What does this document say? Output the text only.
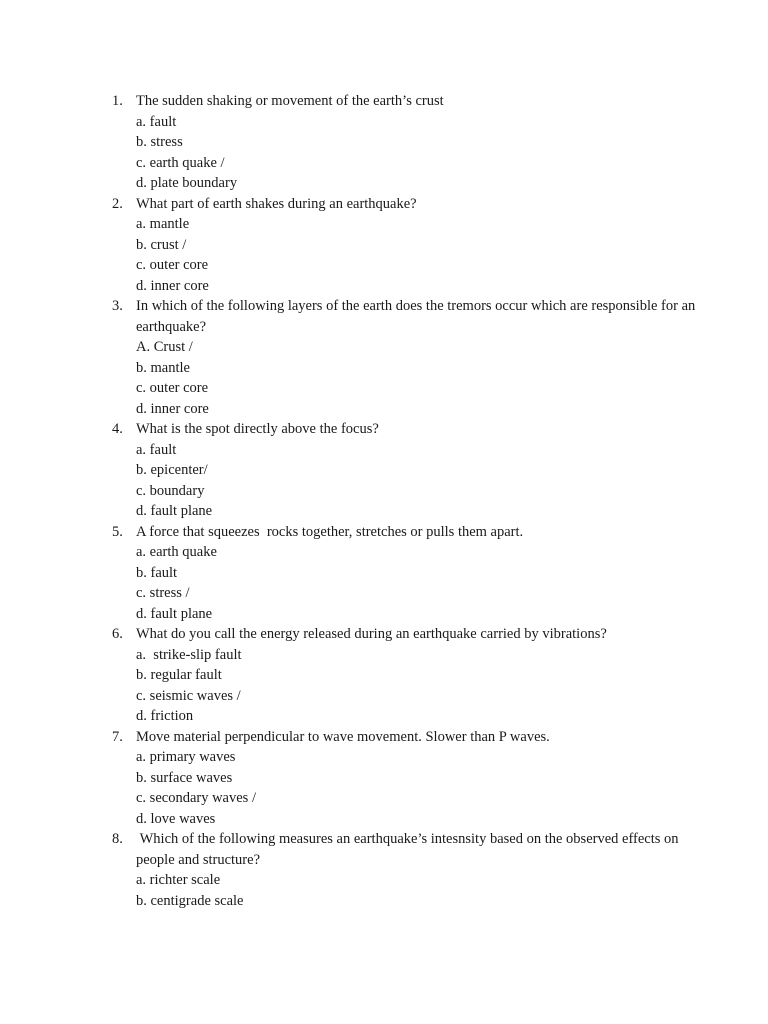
1. The sudden shaking or movement of the earth’s crust
a. fault
b. stress
c. earth quake /
d. plate boundary
2. What part of earth shakes during an earthquake?
a. mantle
b. crust /
c. outer core
d. inner core
3. In which of the following layers of the earth does the tremors occur which are responsible for an earthquake?
A. Crust /
b. mantle
c. outer core
d. inner core
4. What is the spot directly above the focus?
a. fault
b. epicenter/
c. boundary
d. fault plane
5. A force that squeezes  rocks together, stretches or pulls them apart.
a. earth quake
b. fault
c. stress /
d. fault plane
6. What do you call the energy released during an earthquake carried by vibrations?
a.  strike-slip fault
b. regular fault
c. seismic waves /
d. friction
7. Move material perpendicular to wave movement. Slower than P waves.
a. primary waves
b. surface waves
c. secondary waves /
d. love waves
8. Which of the following measures an earthquake’s intesnsity based on the observed effects on people and structure?
a. richter scale
b. centigrade scale
